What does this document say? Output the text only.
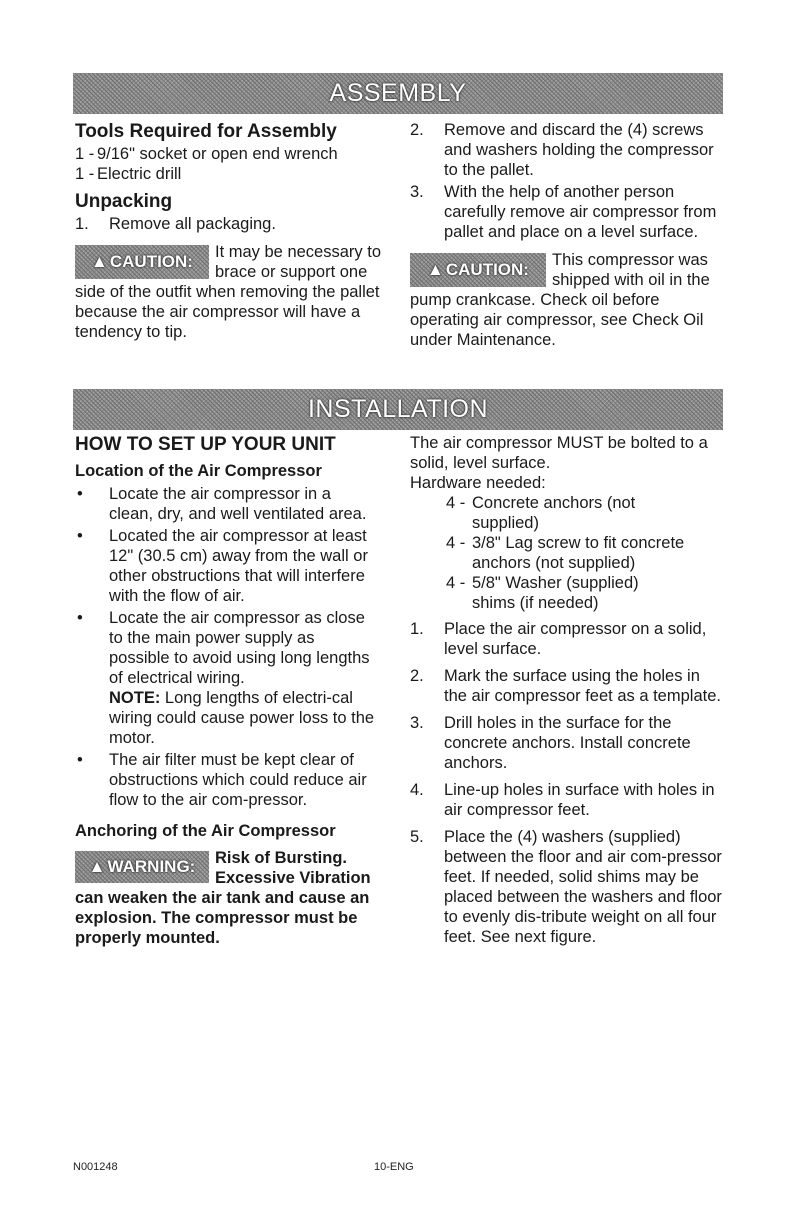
ASSEMBLY
Tools Required for Assembly
1 - 9/16" socket or open end wrench
1 - Electric drill
Unpacking
1.	Remove all packaging.
▲ CAUTION:	It may be necessary to brace or support one side of the outfit when removing the pallet because the air compressor will have a tendency to tip.

2.	Remove and discard the (4) screws and washers holding the compressor to the pallet.
3.	With the help of another person carefully remove air compressor from pallet and place on a level surface.
▲ CAUTION:	This compressor was shipped with oil in the pump crankcase. Check oil before operating air compressor, see Check Oil under Maintenance.

INSTALLATION
HOW TO SET UP YOUR UNIT
Location of the Air Compressor
•	Locate the air compressor in a clean, dry, and well ventilated area.
•	Located the air compressor at least 12" (30.5 cm) away from the wall or other obstructions that will interfere with the flow of air.
•	Locate the air compressor as close to the main power supply as possible to avoid using long lengths of electrical wiring.
NOTE: Long lengths of electri-cal wiring could cause power loss to the motor.
•	The air filter must be kept clear of obstructions which could reduce air flow to the air com-pressor.
Anchoring of the Air Compressor
▲ WARNING:	Risk of Bursting. Excessive Vibration can weaken the air tank and cause an explosion. The compressor must be properly mounted.

The air compressor MUST be bolted to a solid, level surface.

Hardware needed:

4 - Concrete anchors (not supplied)
4 - 3/8" Lag screw to fit concrete anchors (not supplied)
4 - 5/8" Washer (supplied) shims (if needed)
1.	Place the air compressor on a solid, level surface.
2.	Mark the surface using the holes in the air compressor feet as a template.
3.	Drill holes in the surface for the concrete anchors. Install concrete anchors.
4.	Line-up holes in surface with holes in air compressor feet.
5.	Place the (4) washers (supplied) between the floor and air com-pressor feet. If needed, solid shims may be placed between the washers and floor to evenly dis-tribute weight on all four feet. See next figure.
N001248	10-ENG
